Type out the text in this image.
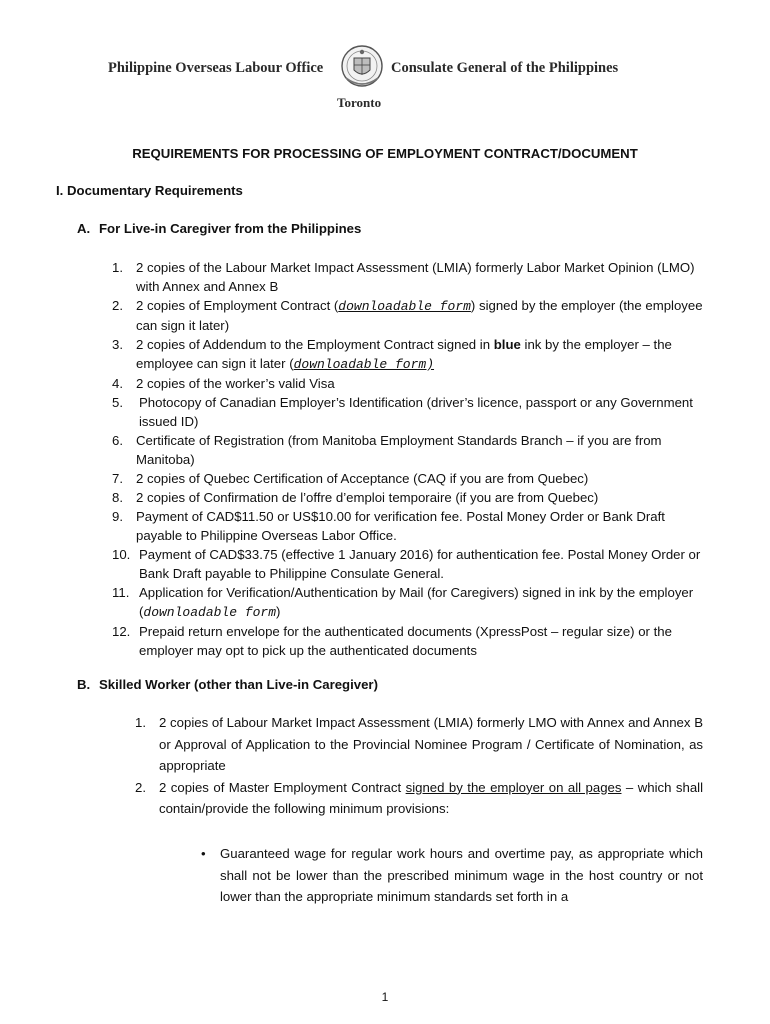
Philippine Overseas Labour Office	Consulate General of the Philippines
Toronto
REQUIREMENTS FOR PROCESSING OF EMPLOYMENT CONTRACT/DOCUMENT
I. Documentary Requirements
A. For Live-in Caregiver from the Philippines
1. 2 copies of the Labour Market Impact Assessment (LMIA) formerly Labor Market Opinion (LMO) with Annex and Annex B
2. 2 copies of Employment Contract (downloadable form) signed by the employer (the employee can sign it later)
3. 2 copies of Addendum to the Employment Contract signed in blue ink by the employer – the employee can sign it later (downloadable form)
4. 2 copies of the worker’s valid Visa
5. Photocopy of Canadian Employer’s Identification (driver’s licence, passport or any Government issued ID)
6. Certificate of Registration (from Manitoba Employment Standards Branch – if you are from Manitoba)
7. 2 copies of Quebec Certification of Acceptance (CAQ if you are from Quebec)
8. 2 copies of Confirmation de l’offre d’emploi temporaire (if you are from Quebec)
9. Payment of CAD$11.50 or US$10.00 for verification fee. Postal Money Order or Bank Draft payable to Philippine Overseas Labor Office.
10. Payment of CAD$33.75 (effective 1 January 2016) for authentication fee. Postal Money Order or Bank Draft payable to Philippine Consulate General.
11. Application for Verification/Authentication by Mail (for Caregivers) signed in ink by the employer (downloadable form)
12. Prepaid return envelope for the authenticated documents (XpressPost – regular size) or the employer may opt to pick up the authenticated documents
B. Skilled Worker (other than Live-in Caregiver)
1. 2 copies of Labour Market Impact Assessment (LMIA) formerly LMO with Annex and Annex B or Approval of Application to the Provincial Nominee Program / Certificate of Nomination, as appropriate
2. 2 copies of Master Employment Contract signed by the employer on all pages – which shall contain/provide the following minimum provisions:
• Guaranteed wage for regular work hours and overtime pay, as appropriate which shall not be lower than the prescribed minimum wage in the host country or not lower than the appropriate minimum standards set forth in a
1
